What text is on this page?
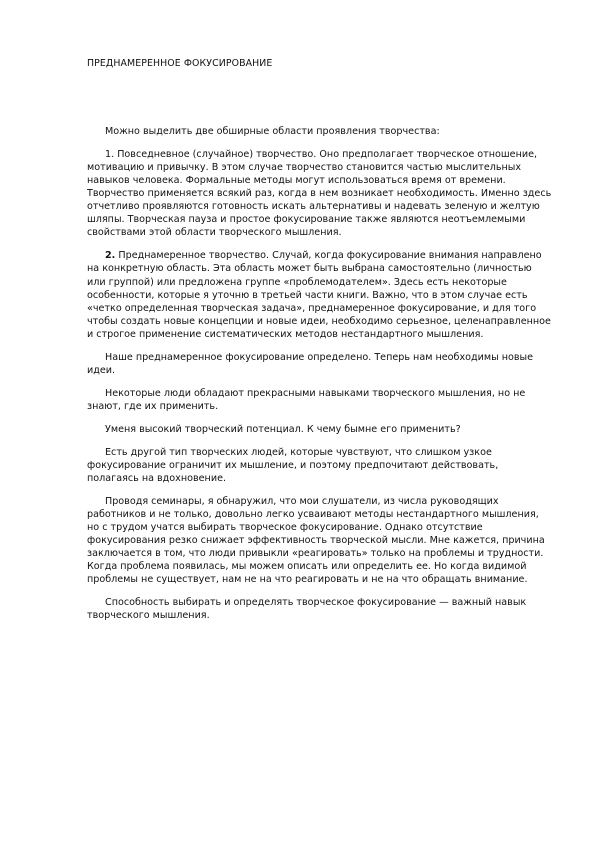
ПРЕДНАМЕРЕННОЕ ФОКУСИРОВАНИЕ

Можно выделить две обширные области проявления творчества:

1. Повседневное (случайное) творчество. Оно предполагает творческое отношение, мотивацию и привычку. В этом случае творчество становится частью мыслительных навыков человека. Формальные методы могут использоваться время от времени. Творчество применяется всякий раз, когда в нем возникает необходимость. Именно здесь отчетливо проявляются готовность искать альтернативы и надевать зеленую и желтую шляпы. Творческая пауза и простое фокусирование также являются неотъемлемыми свойствами этой области творческого мышления.

2. Преднамеренное творчество. Случай, когда фокусирование внимания направлено на конкретную область. Эта область может быть выбрана самостоятельно (личностью или группой) или предложена группе «проблемодателем». Здесь есть некоторые особенности, которые я уточню в третьей части книги. Важно, что в этом случае есть «четко определенная творческая задача», преднамеренное фокусирование, и для того чтобы создать новые концепции и новые идеи, необходимо серьезное, целенаправленное и строгое применение систематических методов нестандартного мышления.

Наше преднамеренное фокусирование определено. Теперь нам необходимы новые идеи.

Некоторые люди обладают прекрасными навыками творческого мышления, но не знают, где их применить.

Уменя высокий творческий потенциал. К чему бымне его применить?

Есть другой тип творческих людей, которые чувствуют, что слишком узкое фокусирование ограничит их мышление, и поэтому предпочитают действовать, полагаясь на вдохновение.

Проводя семинары, я обнаружил, что мои слушатели, из числа руководящих работников и не только, довольно легко усваивают методы нестандартного мышления, но с трудом учатся выбирать творческое фокусирование. Однако отсутствие фокусирования резко снижает эффективность творческой мысли. Мне кажется, причина заключается в том, что люди привыкли «реагировать» только на проблемы и трудности. Когда проблема появилась, мы можем описать или определить ее. Но когда видимой проблемы не существует, нам не на что реагировать и не на что обращать внимание.

Способность выбирать и определять творческое фокусирование — важный навык творческого мышления.
